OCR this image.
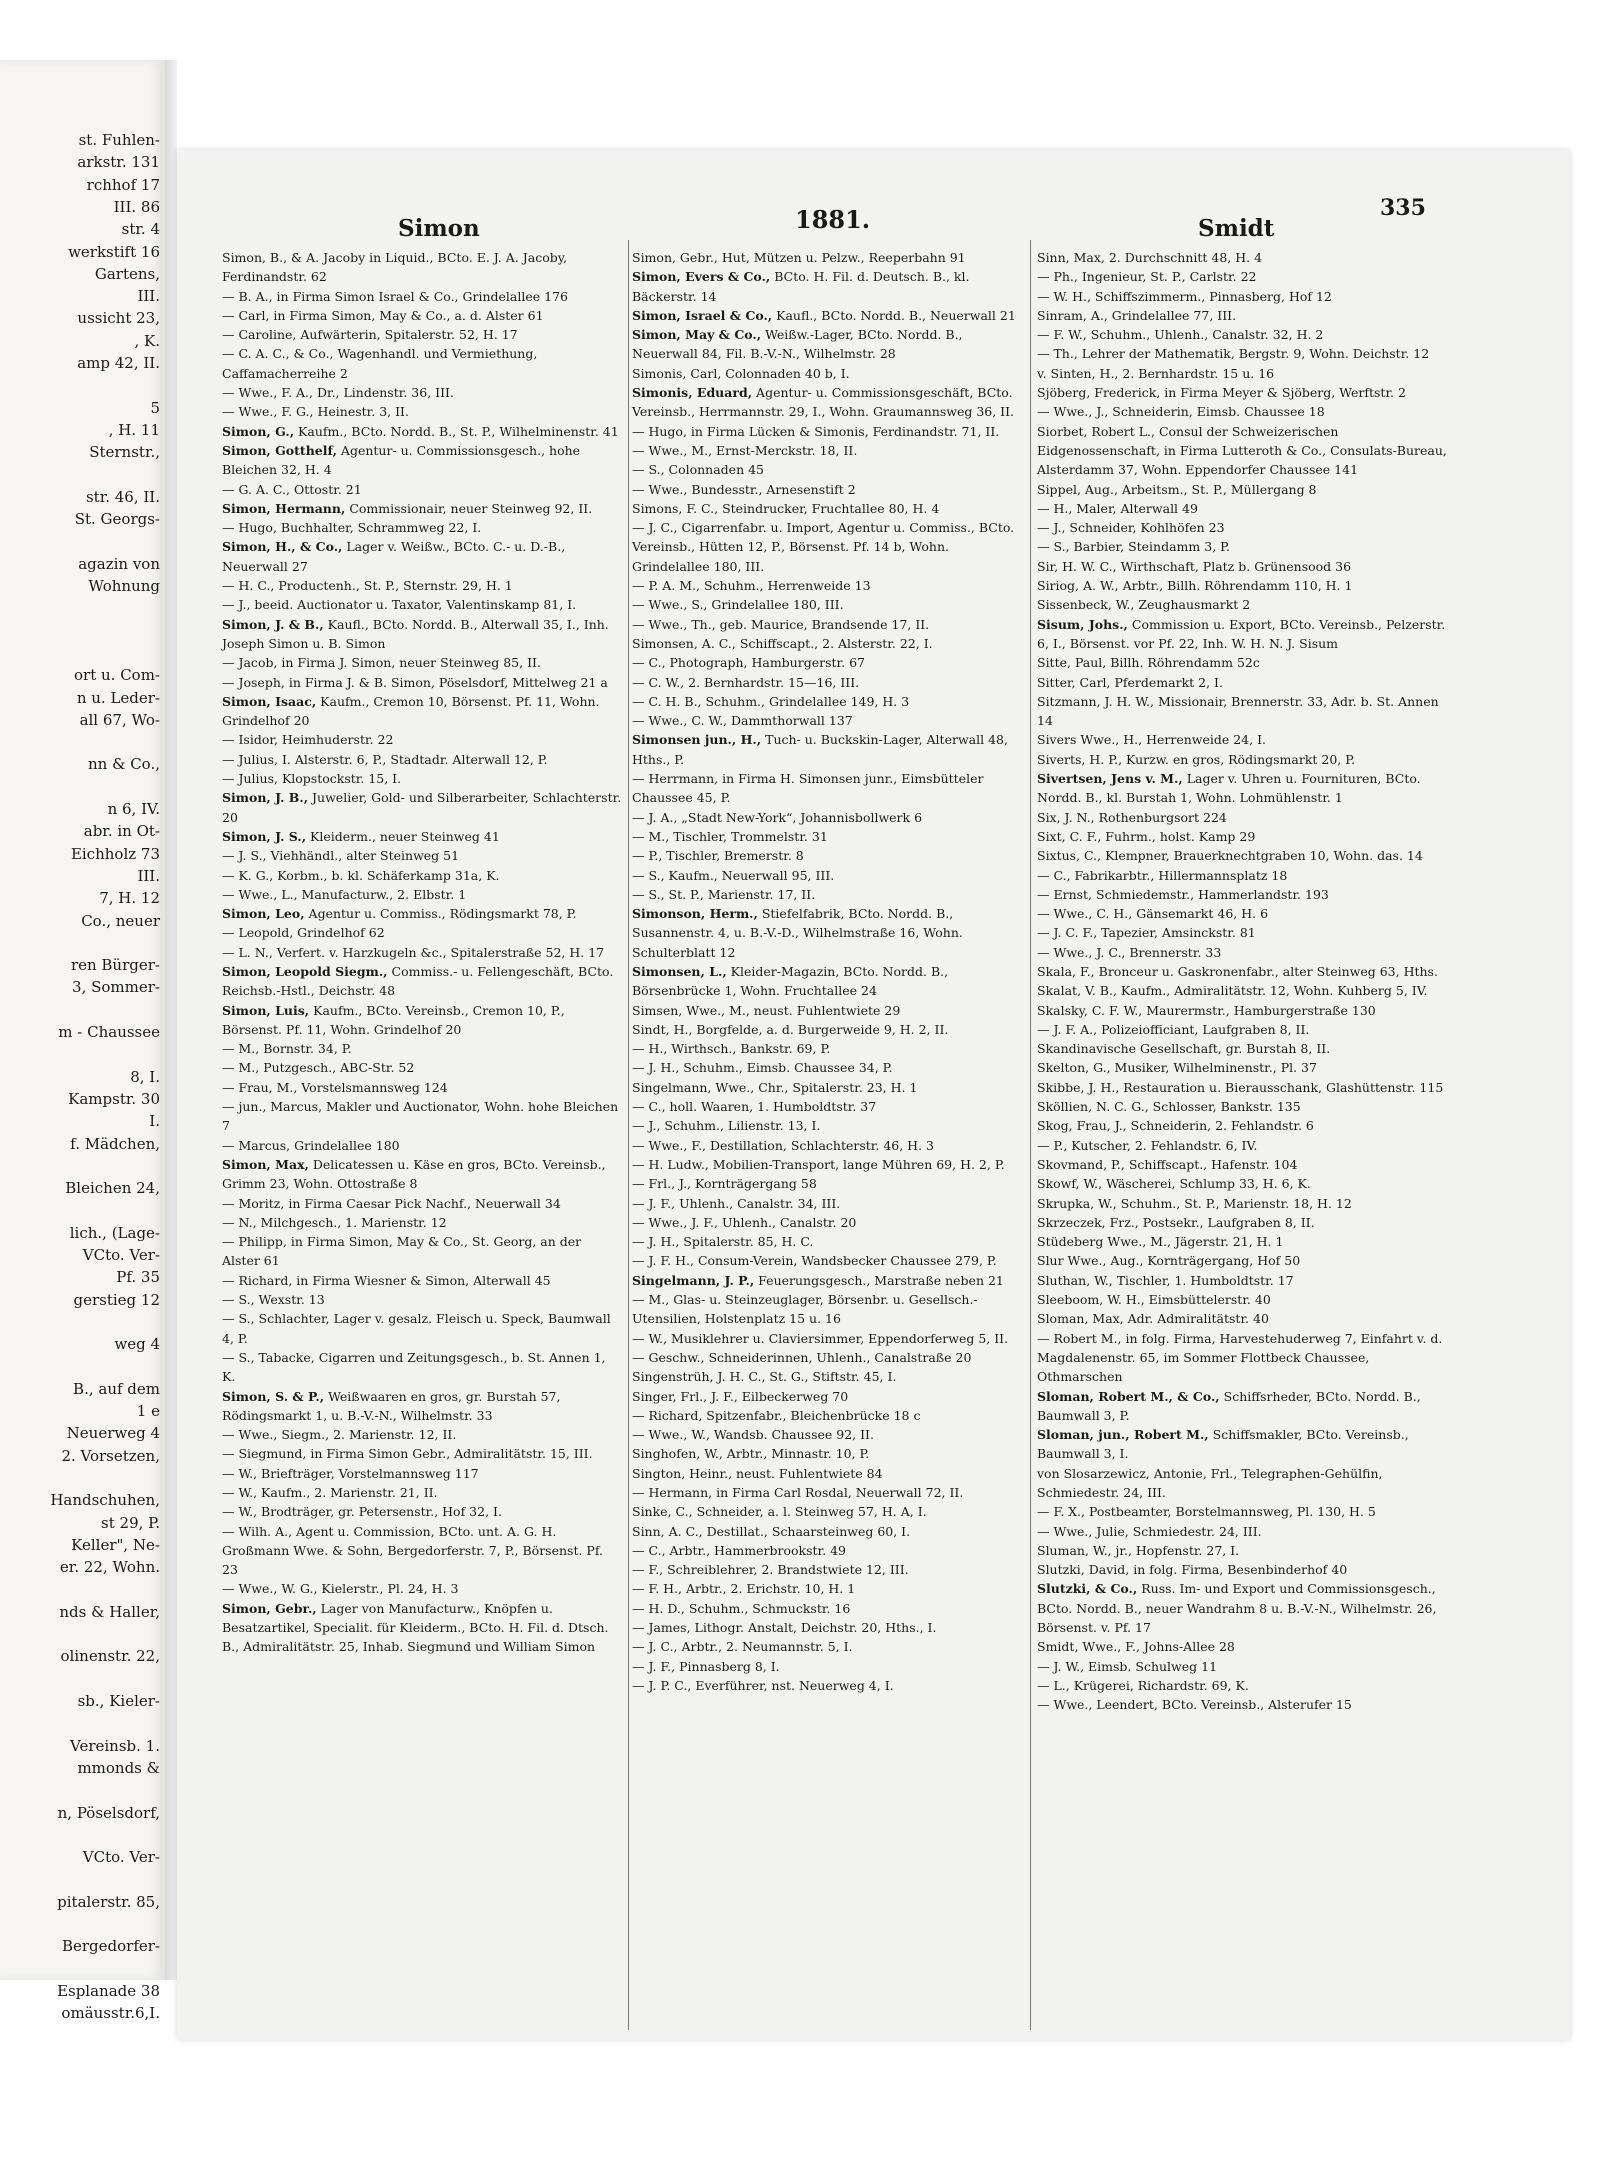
st. Fuhlen-
arkstr. 131
rchhof 17
III. 86
str. 4
werkstift 16
Gartens,
III.
ussicht 23,
, K.
amp 42, II.
5
, H. 11
Sternstr.,
str. 46, II.
St. Georgs-
agazin von
Wohnung
ort u. Com-
n u. Leder-
all 67, Wo-
nn & Co.,
n 6, IV.
abr. in Ot-
Eichholz 73
III.
7, H. 12
Co., neuer
ren Bürger-
3, Sommer-
m - Chaussee
8, I.
Kampstr. 30
I.
f. Mädchen,
Bleichen 24,
lich., (Lage-
VCto. Ver-
Pf. 35
gerstieg 12
weg 4
B., auf dem
1 e
Neuerweg 4
2. Vorsetzen,
Handschuhen,
st 29, P.
Keller", Ne-
er. 22, Wohn.
nds & Haller,
olinenstr. 22,
sb., Kieler-
Vereinsb. 1.
mmonds &
n, Pöselsdorf,
VCto. Ver-
pitalerstr. 85,
Bergedorfer-
Esplanade 38
omäusstr.6,I.
Simon	1881.	Smidt
335
Simon, B., & A. Jacoby in Liquid., BCto. E. J. A. Jacoby, Ferdinandstr. 62
— B. A., in Firma Simon Israel & Co., Grindelallee 176
— Carl, in Firma Simon, May & Co., a. d. Alster 61
— Caroline, Aufwärterin, Spitalerstr. 52, H. 17
— C. A. C., & Co., Wagenhandl. und Vermiethung, Caffamacherreihe 2
— Wwe., F. A., Dr., Lindenstr. 36, III.
— Wwe., F. G., Heinestr. 3, II.
Simon, G., Kaufm., BCto. Nordd. B., St. P., Wilhelminenstr. 41
Simon, Gotthelf, Agentur- u. Commissionsgesch., hohe Bleichen 32, H. 4
— G. A. C., Ottostr. 21
Simon, Hermann, Commissionair, neuer Steinweg 92, II.
— Hugo, Buchhalter, Schrammweg 22, I.
Simon, H., & Co., Lager v. Weißw., BCto. C.- u. D.-B., Neuerwall 27
— H. C., Productenh., St. P., Sternstr. 29, H. 1
— J., beeid. Auctionator u. Taxator, Valentinskamp 81, I.
Simon, J. & B., Kaufl., BCto. Nordd. B., Alterwall 35, I., Inh. Joseph Simon u. B. Simon
— Jacob, in Firma J. Simon, neuer Steinweg 85, II.
— Joseph, in Firma J. & B. Simon, Pöselsdorf, Mittelweg 21 a
Simon, Isaac, Kaufm., Cremon 10, Börsenst. Pf. 11, Wohn. Grindelhof 20
— Isidor, Heimhuderstr. 22
— Julius, I. Alsterstr. 6, P., Stadtadr. Alterwall 12, P.
— Julius, Klopstockstr. 15, I.
Simon, J. B., Juwelier, Gold- und Silberarbeiter, Schlachterstr. 20
Simon, J. S., Kleiderm., neuer Steinweg 41
— J. S., Viehhändl., alter Steinweg 51
— K. G., Korbm., b. kl. Schäferkamp 31a, K.
— Wwe., L., Manufacturw., 2. Elbstr. 1
Simon, Leo, Agentur u. Commiss., Rödingsmarkt 78, P.
— Leopold, Grindelhof 62
— L. N., Verfert. v. Harzkugeln &c., Spitalerstraße 52, H. 17
Simon, Leopold Siegm., Commiss.- u. Fellengeschäft, BCto. Reichsb.-Hstl., Deichstr. 48
Simon, Luis, Kaufm., BCto. Vereinsb., Cremon 10, P., Börsenst. Pf. 11, Wohn. Grindelhof 20
— M., Bornstr. 34, P.
— M., Putzgesch., ABC-Str. 52
— Frau, M., Vorstelsmannsweg 124
— jun., Marcus, Makler und Auctionator, Wohn. hohe Bleichen 7
— Marcus, Grindelallee 180
Simon, Max, Delicatessen u. Käse en gros, BCto. Vereinsb., Grimm 23, Wohn. Ottostraße 8
— Moritz, in Firma Caesar Pick Nachf., Neuerwall 34
— N., Milchgesch., 1. Marienstr. 12
— Philipp, in Firma Simon, May & Co., St. Georg, an der Alster 61
— Richard, in Firma Wiesner & Simon, Alterwall 45
— S., Wexstr. 13
— S., Schlachter, Lager v. gesalz. Fleisch u. Speck, Baumwall 4, P.
— S., Tabacke, Cigarren und Zeitungsgesch., b. St. Annen 1, K.
Simon, S. & P., Weißwaaren en gros, gr. Burstah 57, Rödingsmarkt 1, u. B.-V.-N., Wilhelmstr. 33
— Wwe., Siegm., 2. Marienstr. 12, II.
— Siegmund, in Firma Simon Gebr., Admiralitätstr. 15, III.
— W., Briefträger, Vorstelmannsweg 117
— W., Kaufm., 2. Marienstr. 21, II.
— W., Brodträger, gr. Petersenstr., Hof 32, I.
— Wilh. A., Agent u. Commission, BCto. unt. A. G. H. Großmann Wwe. & Sohn, Bergedorferstr. 7, P., Börsenst. Pf. 23
— Wwe., W. G., Kielerstr., Pl. 24, H. 3
Simon, Gebr., Lager von Manufacturw., Knöpfen u. Besatzartikel, Specialit. für Kleiderm., BCto. H. Fil. d. Dtsch. B., Admiralitätstr. 25, Inhab. Siegmund und William Simon
Simon, Gebr., Hut, Mützen u. Pelzw., Reeperbahn 91
Simon, Evers & Co., BCto. H. Fil. d. Deutsch. B., kl. Bäckerstr. 14
Simon, Israel & Co., Kaufl., BCto. Nordd. B., Neuerwall 21
Simon, May & Co., Weißw.-Lager, BCto. Nordd. B., Neuerwall 84, Fil. B.-V.-N., Wilhelmstr. 28
Simonis, Carl, Colonnaden 40 b, I.
Simonis, Eduard, Agentur- u. Commissionsgeschäft, BCto. Vereinsb., Herrmannstr. 29, I., Wohn. Graumannsweg 36, II.
— Hugo, in Firma Lücken & Simonis, Ferdinandstr. 71, II.
— Wwe., M., Ernst-Merckstr. 18, II.
— S., Colonnaden 45
— Wwe., Bundesstr., Arnesenstift 2
Simons, F. C., Steindrucker, Fruchtallee 80, H. 4
— J. C., Cigarrenfabr. u. Import, Agentur u. Commiss., BCto. Vereinsb., Hütten 12, P., Börsenst. Pf. 14 b, Wohn. Grindelallee 180, III.
— P. A. M., Schuhm., Herrenweide 13
— Wwe., S., Grindelallee 180, III.
— Wwe., Th., geb. Maurice, Brandsende 17, II.
Simonsen, A. C., Schiffscapt., 2. Alsterstr. 22, I.
— C., Photograph, Hamburgerstr. 67
— C. W., 2. Bernhardstr. 15—16, III.
— C. H. B., Schuhm., Grindelallee 149, H. 3
— Wwe., C. W., Dammthorwall 137
Simonsen jun., H., Tuch- u. Buckskin-Lager, Alterwall 48, Hths., P.
— Herrmann, in Firma H. Simonsen junr., Eimsbütteler Chaussee 45, P.
— J. A., „Stadt New-York“, Johannisbollwerk 6
— M., Tischler, Trommelstr. 31
— P., Tischler, Bremerstr. 8
— S., Kaufm., Neuerwall 95, III.
— S., St. P., Marienstr. 17, II.
Simonson, Herm., Stiefelfabrik, BCto. Nordd. B., Susannenstr. 4, u. B.-V.-D., Wilhelmstraße 16, Wohn. Schulterblatt 12
Simonsen, L., Kleider-Magazin, BCto. Nordd. B., Börsenbrücke 1, Wohn. Fruchtallee 24
Simsen, Wwe., M., neust. Fuhlentwiete 29
Sindt, H., Borgfelde, a. d. Burgerweide 9, H. 2, II.
— H., Wirthsch., Bankstr. 69, P.
— J. H., Schuhm., Eimsb. Chaussee 34, P.
Singelmann, Wwe., Chr., Spitalerstr. 23, H. 1
— C., holl. Waaren, 1. Humboldtstr. 37
— J., Schuhm., Lilienstr. 13, I.
— Wwe., F., Destillation, Schlachterstr. 46, H. 3
— H. Ludw., Mobilien-Transport, lange Mühren 69, H. 2, P.
— Frl., J., Kornträgergang 58
— J. F., Uhlenh., Canalstr. 34, III.
— Wwe., J. F., Uhlenh., Canalstr. 20
— J. H., Spitalerstr. 85, H. C.
— J. F. H., Consum-Verein, Wandsbecker Chaussee 279, P.
Singelmann, J. P., Feuerungsgesch., Marstraße neben 21
— M., Glas- u. Steinzeuglager, Börsenbr. u. Gesellsch.-Utensilien, Holstenplatz 15 u. 16
— W., Musiklehrer u. Claviersimmer, Eppendorferweg 5, II.
— Geschw., Schneiderinnen, Uhlenh., Canalstraße 20
Singenstrüh, J. H. C., St. G., Stiftstr. 45, I.
Singer, Frl., J. F., Eilbeckerweg 70
— Richard, Spitzenfabr., Bleichenbrücke 18 c
— Wwe., W., Wandsb. Chaussee 92, II.
Singhofen, W., Arbtr., Minnastr. 10, P.
Sington, Heinr., neust. Fuhlentwiete 84
— Hermann, in Firma Carl Rosdal, Neuerwall 72, II.
Sinke, C., Schneider, a. l. Steinweg 57, H. A, I.
Sinn, A. C., Destillat., Schaarsteinweg 60, I.
— C., Arbtr., Hammerbrookstr. 49
— F., Schreiblehrer, 2. Brandstwiete 12, III.
— F. H., Arbtr., 2. Erichstr. 10, H. 1
— H. D., Schuhm., Schmuckstr. 16
— James, Lithogr. Anstalt, Deichstr. 20, Hths., I.
— J. C., Arbtr., 2. Neumannstr. 5, I.
— J. F., Pinnasberg 8, I.
— J. P. C., Everführer, nst. Neuerweg 4, I.
Sinn, Max, 2. Durchschnitt 48, H. 4
— Ph., Ingenieur, St. P., Carlstr. 22
— W. H., Schiffszimmerm., Pinnasberg, Hof 12
Sinram, A., Grindelallee 77, III.
— F. W., Schuhm., Uhlenh., Canalstr. 32, H. 2
— Th., Lehrer der Mathematik, Bergstr. 9, Wohn. Deichstr. 12
v. Sinten, H., 2. Bernhardstr. 15 u. 16
Sjöberg, Frederick, in Firma Meyer & Sjöberg, Werftstr. 2
— Wwe., J., Schneiderin, Eimsb. Chaussee 18
Siorbet, Robert L., Consul der Schweizerischen Eidgenossenschaft, in Firma Lutteroth & Co., Consulats-Bureau, Alsterdamm 37, Wohn. Eppendorfer Chaussee 141
Sippel, Aug., Arbeitsm., St. P., Müllergang 8
— H., Maler, Alterwall 49
— J., Schneider, Kohlhöfen 23
— S., Barbier, Steindamm 3, P.
Sir, H. W. C., Wirthschaft, Platz b. Grünensood 36
Siriog, A. W., Arbtr., Billh. Röhrendamm 110, H. 1
Sissenbeck, W., Zeughausmarkt 2
Sisum, Johs., Commission u. Export, BCto. Vereinsb., Pelzerstr. 6, I., Börsenst. vor Pf. 22, Inh. W. H. N. J. Sisum
Sitte, Paul, Billh. Röhrendamm 52c
Sitter, Carl, Pferdemarkt 2, I.
Sitzmann, J. H. W., Missionair, Brennerstr. 33, Adr. b. St. Annen 14
Sivers Wwe., H., Herrenweide 24, I.
Siverts, H. P., Kurzw. en gros, Rödingsmarkt 20, P.
Sivertsen, Jens v. M., Lager v. Uhren u. Fournituren, BCto. Nordd. B., kl. Burstah 1, Wohn. Lohmühlenstr. 1
Six, J. N., Rothenburgsort 224
Sixt, C. F., Fuhrm., holst. Kamp 29
Sixtus, C., Klempner, Brauerknechtgraben 10, Wohn. das. 14
— C., Fabrikarbtr., Hillermannsplatz 18
— Ernst, Schmiedemstr., Hammerlandstr. 193
— Wwe., C. H., Gänsemarkt 46, H. 6
— J. C. F., Tapezier, Amsinckstr. 81
— Wwe., J. C., Brennerstr. 33
Skala, F., Bronceur u. Gaskronenfabr., alter Steinweg 63, Hths.
Skalat, V. B., Kaufm., Admiralitätstr. 12, Wohn. Kuhberg 5, IV.
Skalsky, C. F. W., Maurermstr., Hamburgerstraße 130
— J. F. A., Polizeiofficiant, Laufgraben 8, II.
Skandinavische Gesellschaft, gr. Burstah 8, II.
Skelton, G., Musiker, Wilhelminenstr., Pl. 37
Skibbe, J. H., Restauration u. Bierausschank, Glashüttenstr. 115
Sköllien, N. C. G., Schlosser, Bankstr. 135
Skog, Frau, J., Schneiderin, 2. Fehlandstr. 6
— P., Kutscher, 2. Fehlandstr. 6, IV.
Skovmand, P., Schiffscapt., Hafenstr. 104
Skowf, W., Wäscherei, Schlump 33, H. 6, K.
Skrupka, W., Schuhm., St. P., Marienstr. 18, H. 12
Skrzeczek, Frz., Postsekr., Laufgraben 8, II.
Stüdeberg Wwe., M., Jägerstr. 21, H. 1
Slur Wwe., Aug., Kornträgergang, Hof 50
Sluthan, W., Tischler, 1. Humboldtstr. 17
Sleeboom, W. H., Eimsbüttelerstr. 40
Sloman, Max, Adr. Admiralitätstr. 40
— Robert M., in folg. Firma, Harvestehuderweg 7, Einfahrt v. d. Magdalenenstr. 65, im Sommer Flottbeck Chaussee, Othmarschen
Sloman, Robert M., & Co., Schiffsrheder, BCto. Nordd. B., Baumwall 3, P.
Sloman, jun., Robert M., Schiffsmakler, BCto. Vereinsb., Baumwall 3, I.
von Slosarzewicz, Antonie, Frl., Telegraphen-Gehülfin, Schmiedestr. 24, III.
— F. X., Postbeamter, Borstelmannsweg, Pl. 130, H. 5
— Wwe., Julie, Schmiedestr. 24, III.
Sluman, W., jr., Hopfenstr. 27, I.
Slutzki, David, in folg. Firma, Besenbinderhof 40
Slutzki, & Co., Russ. Im- und Export und Commissionsgesch., BCto. Nordd. B., neuer Wandrahm 8 u. B.-V.-N., Wilhelmstr. 26, Börsenst. v. Pf. 17
Smidt, Wwe., F., Johns-Allee 28
— J. W., Eimsb. Schulweg 11
— L., Krügerei, Richardstr. 69, K.
— Wwe., Leendert, BCto. Vereinsb., Alsterufer 15
